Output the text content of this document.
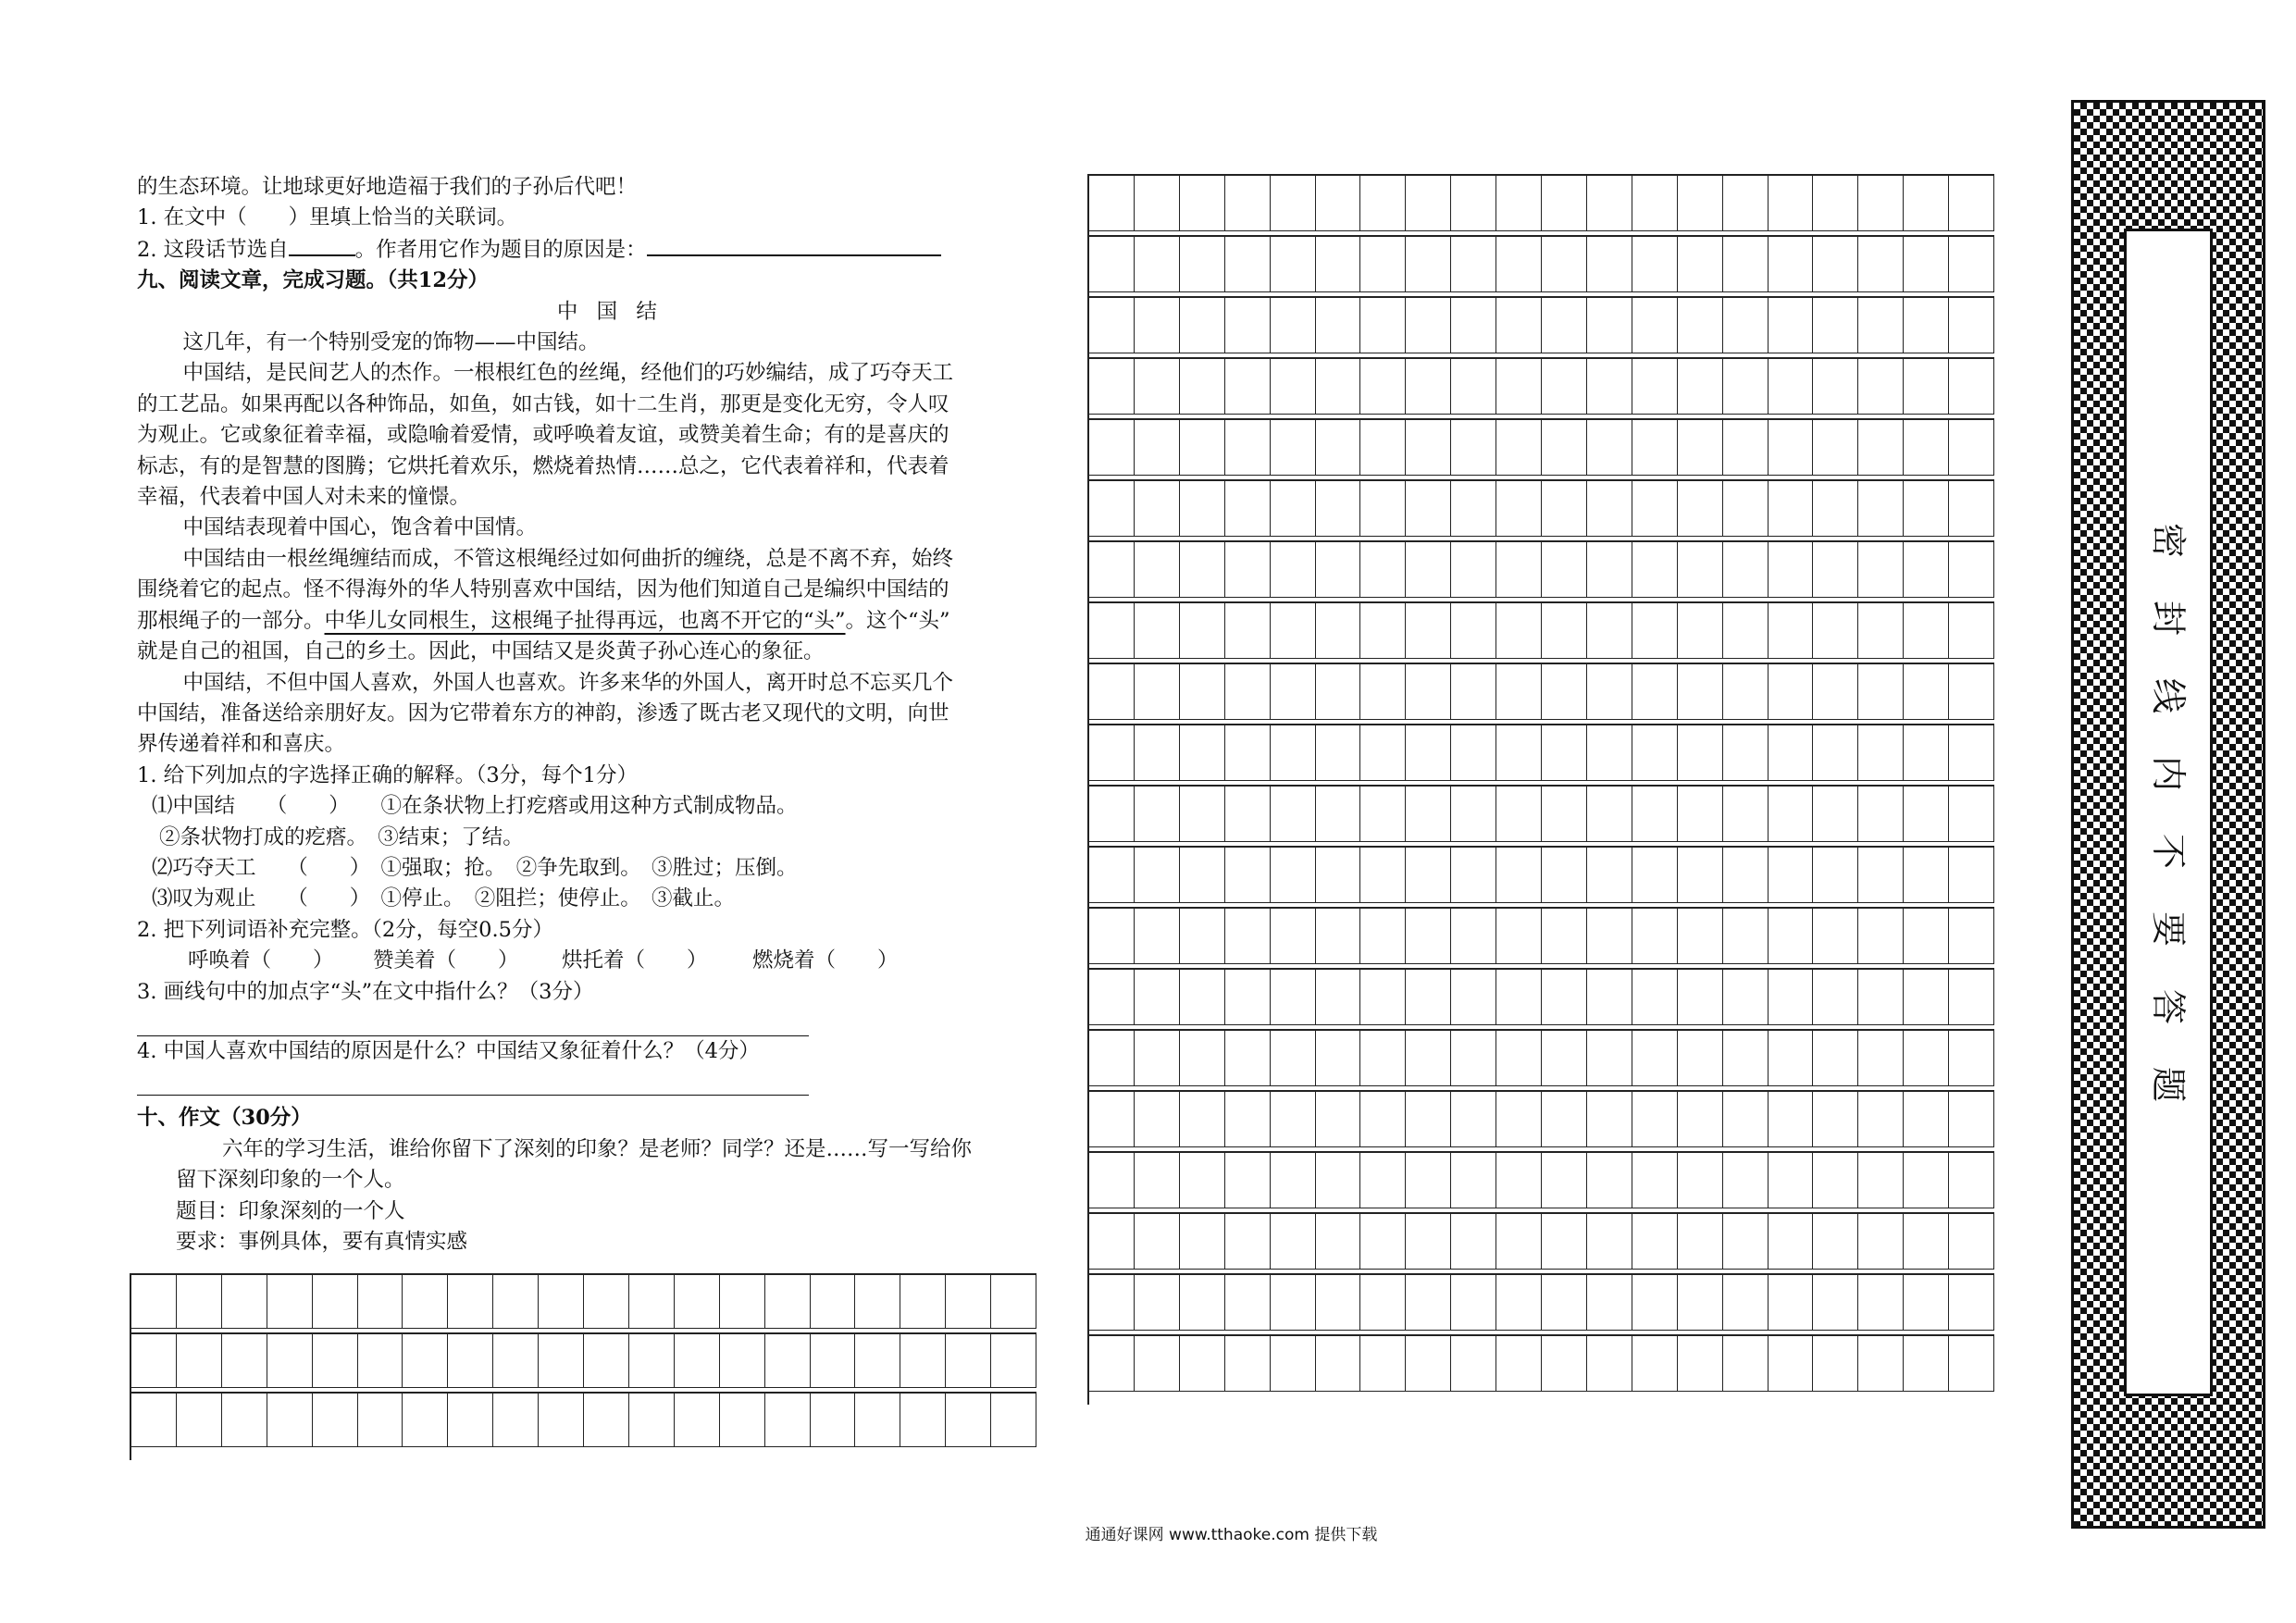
的生态环境。让地球更好地造福于我们的子孙后代吧！

1. 在文中（　　）里填上恰当的关联词。

2. 这段话节选自	。作者用它作为题目的原因是：

九、阅读文章，完成习题。（共12分）

中国结

这几年，有一个特别受宠的饰物——中国结。

中国结，是民间艺人的杰作。一根根红色的丝绳，经他们的巧妙编结，成了巧夺天工

的工艺品。如果再配以各种饰品，如鱼，如古钱，如十二生肖，那更是变化无穷，令人叹

为观止。它或象征着幸福，或隐喻着爱情，或呼唤着友谊，或赞美着生命；有的是喜庆的

标志，有的是智慧的图腾；它烘托着欢乐，燃烧着热情……总之，它代表着祥和，代表着

幸福，代表着中国人对未来的憧憬。

中国结表现着中国心，饱含着中国情。

中国结由一根丝绳缠结而成，不管这根绳经过如何曲折的缠绕，总是不离不弃，始终

围绕着它的起点。怪不得海外的华人特别喜欢中国结，因为他们知道自己是编织中国结的

那根绳子的一部分。中华儿女同根生，这根绳子扯得再远，也离不开它的“头”。这个“头”

就是自己的祖国，自己的乡土。因此，中国结又是炎黄子孙心连心的象征。

中国结，不但中国人喜欢，外国人也喜欢。许多来华的外国人，离开时总不忘买几个

中国结，准备送给亲朋好友。因为它带着东方的神韵，渗透了既古老又现代的文明，向世

界传递着祥和和喜庆。

1. 给下列加点的字选择正确的解释。（3分，每个1分）

⑴中国结　　（　　）　　 ①在条状物上打疙瘩或用这种方式制成物品。

②条状物打成的疙瘩。　③结束；了结。

⑵巧夺天工　　（　　）　 ①强取；抢。　②争先取到。　③胜过；压倒。

⑶叹为观止　　（　　）　 ①停止。　②阻拦；使停止。　③截止。

2. 把下列词语补充完整。（2分，每空0.5分）

呼唤着（　　） 赞美着（　　） 烘托着（　　） 燃烧着（　　）

3. 画线句中的加点字“头”在文中指什么？（3分）

4. 中国人喜欢中国结的原因是什么？中国结又象征着什么？（4分）

十、作文（30分）

六年的学习生活，谁给你留下了深刻的印象？是老师？同学？还是……写一写给你

留下深刻印象的一个人。

题目：印象深刻的一个人

要求：事例具体，要有真情实感

密
封
线
内
不
要
答
题
通通好课网 www.tthaoke.com 提供下载
